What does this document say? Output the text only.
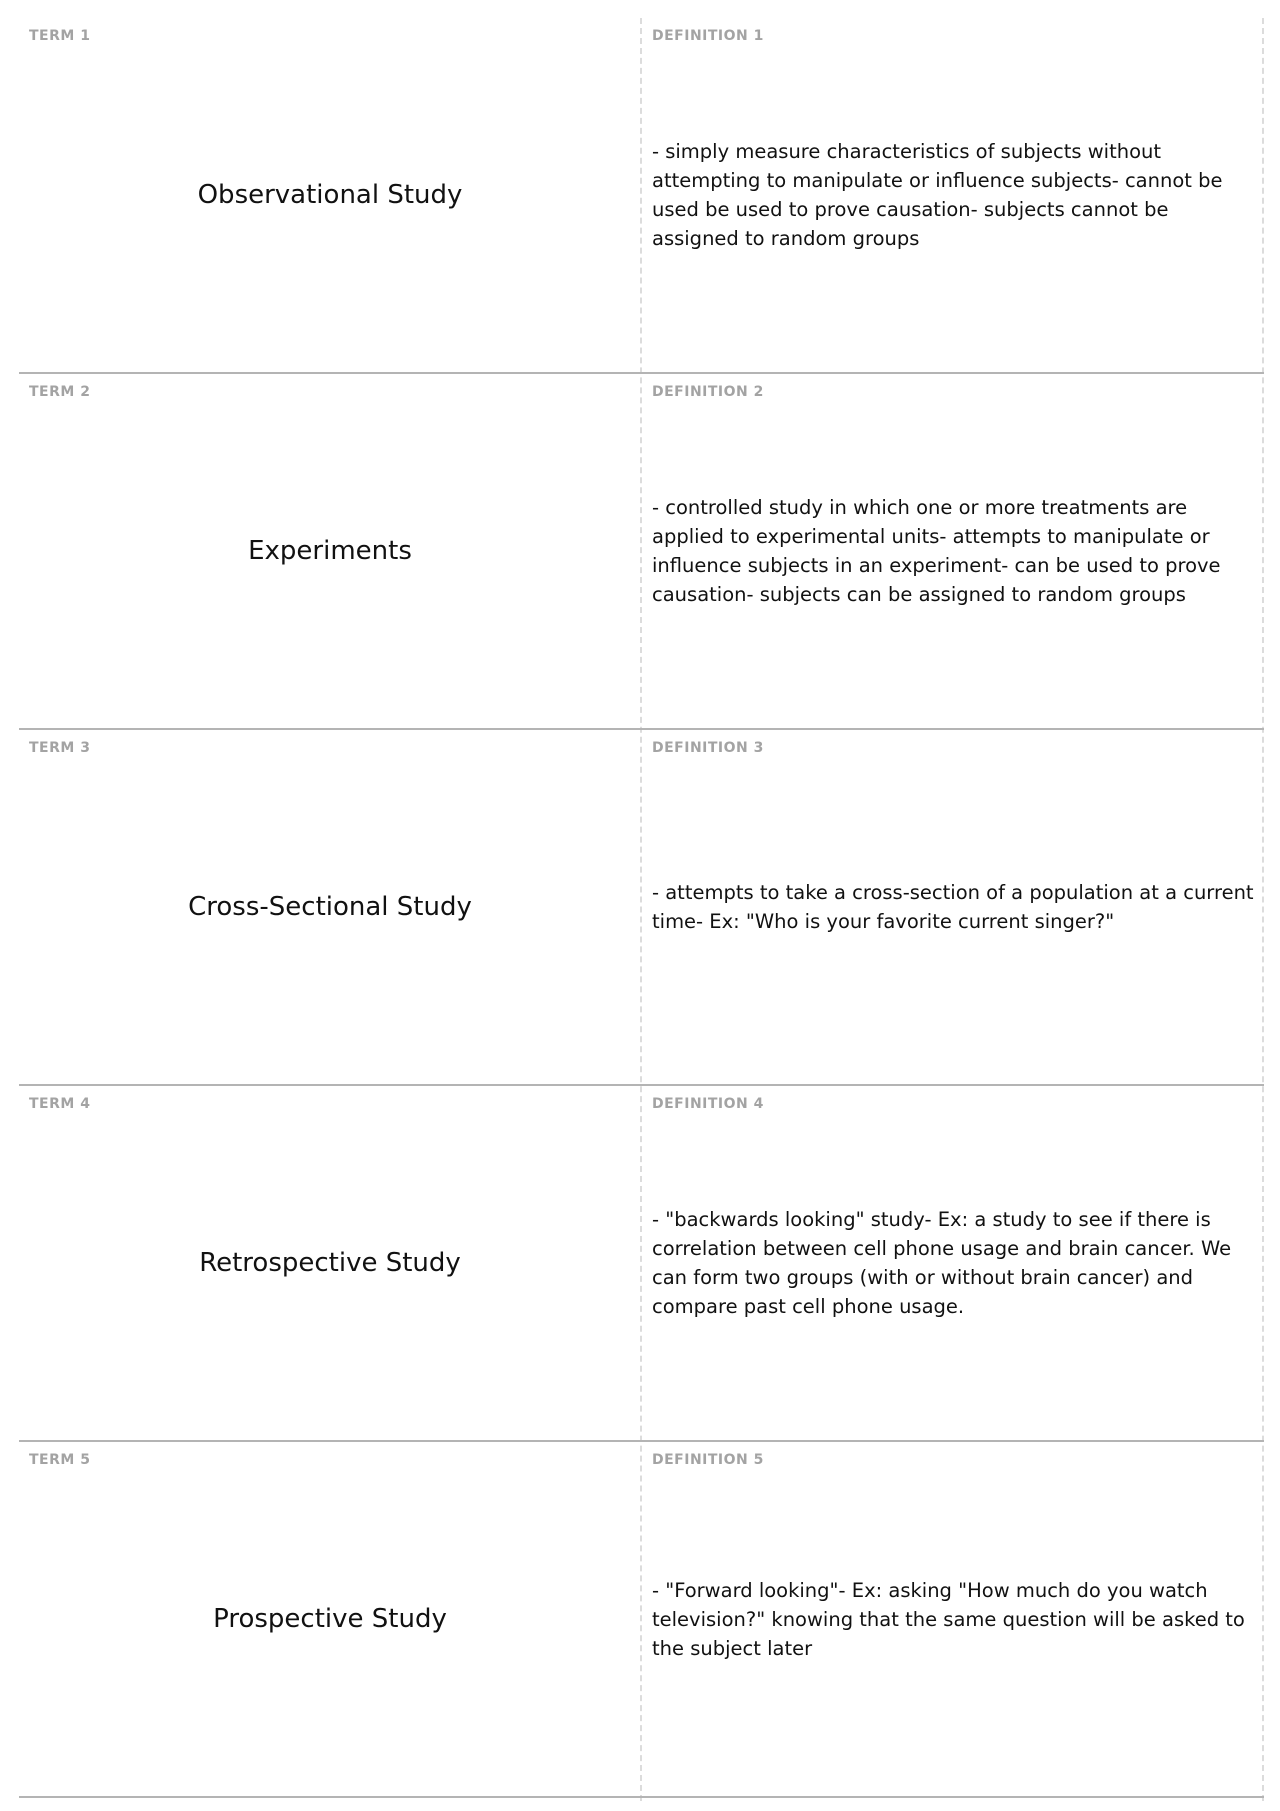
TERM 1
Observational Study
DEFINITION 1
- simply measure characteristics of subjects without attempting to manipulate or influence subjects- cannot be used be used to prove causation- subjects cannot be assigned to random groups
TERM 2
Experiments
DEFINITION 2
- controlled study in which one or more treatments are applied to experimental units- attempts to manipulate or influence subjects in an experiment- can be used to prove causation- subjects can be assigned to random groups
TERM 3
Cross-Sectional Study
DEFINITION 3
- attempts to take a cross-section of a population at a current time- Ex: "Who is your favorite current singer?"
TERM 4
Retrospective Study
DEFINITION 4
- "backwards looking" study- Ex: a study to see if there is correlation between cell phone usage and brain cancer. We can form two groups (with or without brain cancer) and compare past cell phone usage.
TERM 5
Prospective Study
DEFINITION 5
- "Forward looking"- Ex: asking "How much do you watch television?" knowing that the same question will be asked to the subject later
